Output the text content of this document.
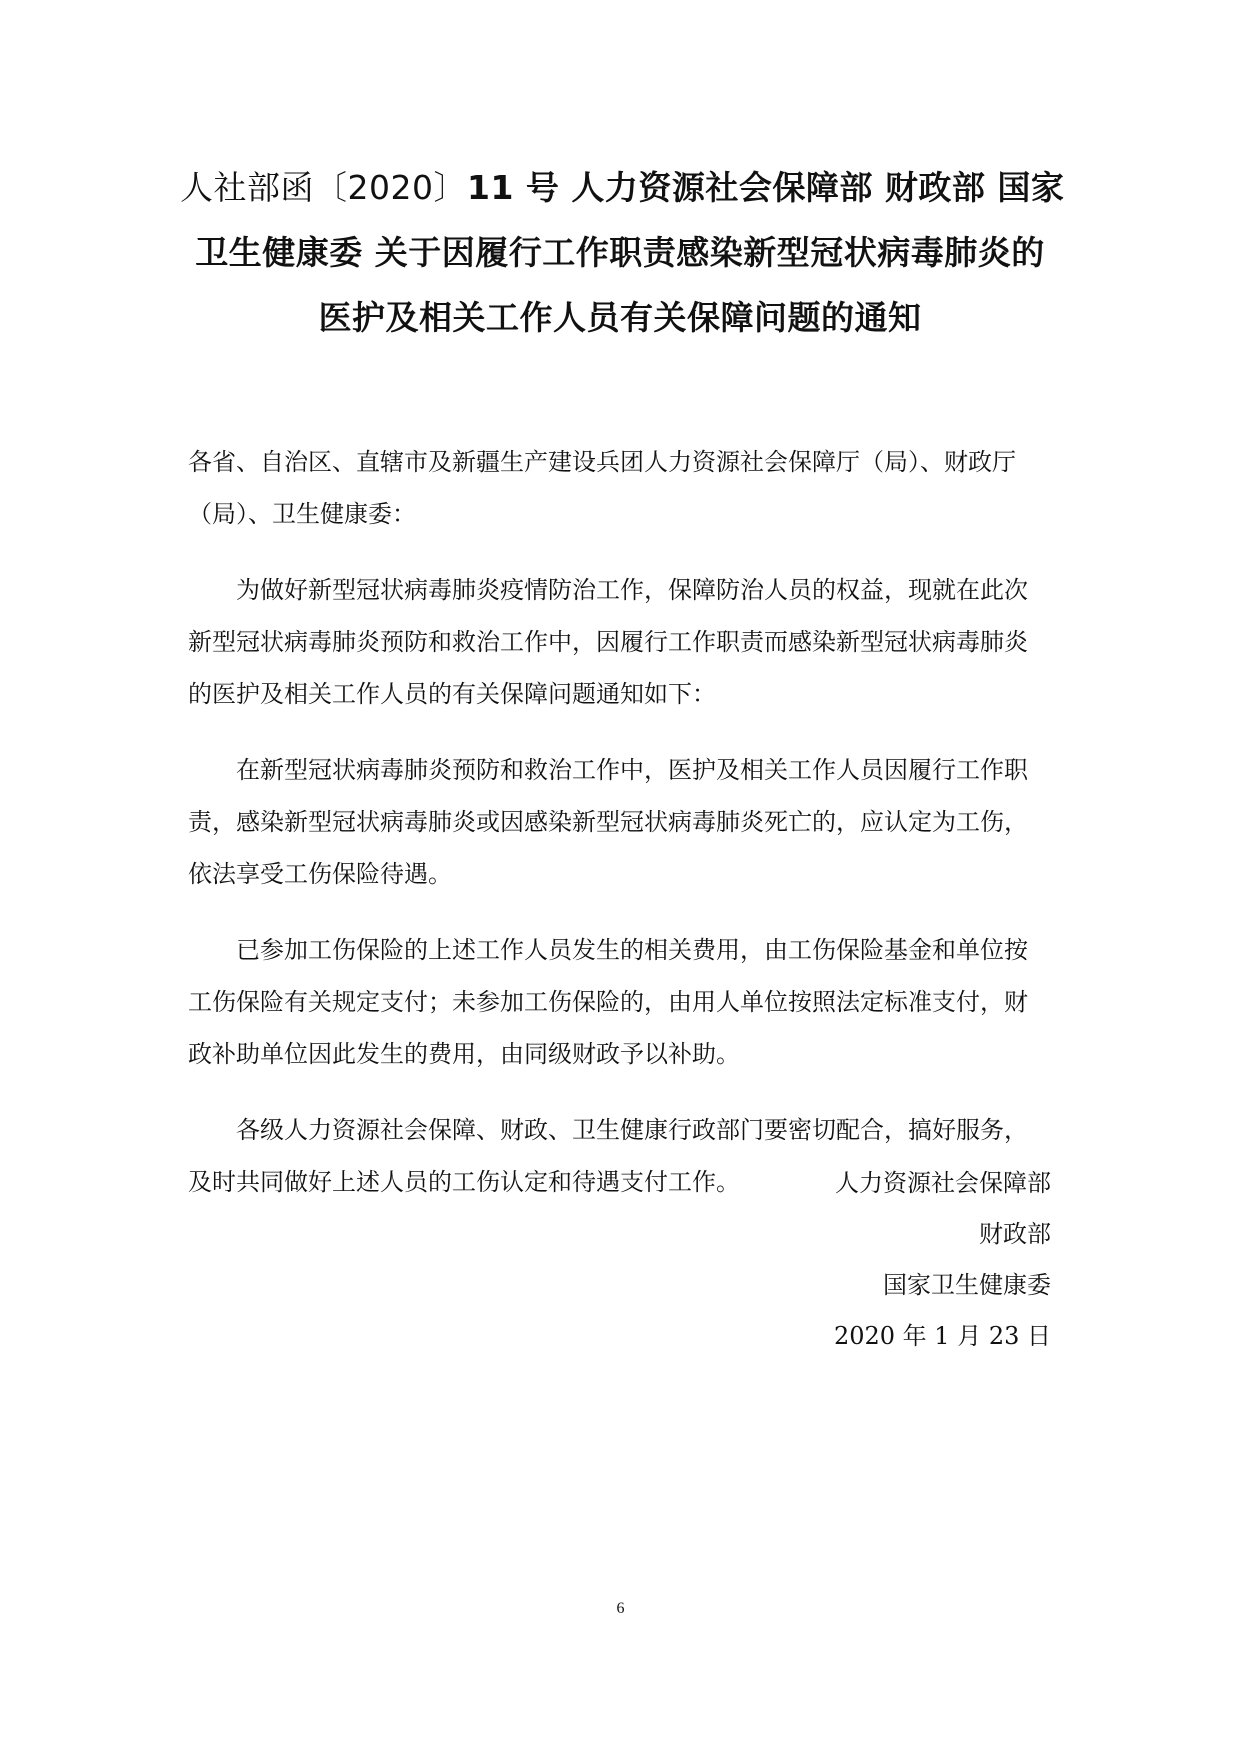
人社部函〔2020〕11 号 人力资源社会保障部 财政部 国家
卫生健康委 关于因履行工作职责感染新型冠状病毒肺炎的
医护及相关工作人员有关保障问题的通知

各省、自治区、直辖市及新疆生产建设兵团人力资源社会保障厅（局）、财政厅（局）、卫生健康委：

为做好新型冠状病毒肺炎疫情防治工作，保障防治人员的权益，现就在此次新型冠状病毒肺炎预防和救治工作中，因履行工作职责而感染新型冠状病毒肺炎的医护及相关工作人员的有关保障问题通知如下：

在新型冠状病毒肺炎预防和救治工作中，医护及相关工作人员因履行工作职责，感染新型冠状病毒肺炎或因感染新型冠状病毒肺炎死亡的，应认定为工伤，依法享受工伤保险待遇。

已参加工伤保险的上述工作人员发生的相关费用，由工伤保险基金和单位按工伤保险有关规定支付；未参加工伤保险的，由用人单位按照法定标准支付，财政补助单位因此发生的费用，由同级财政予以补助。

各级人力资源社会保障、财政、卫生健康行政部门要密切配合，搞好服务，及时共同做好上述人员的工伤认定和待遇支付工作。	人力资源社会保障部
财政部
国家卫生健康委
2020 年 1 月 23 日
6
